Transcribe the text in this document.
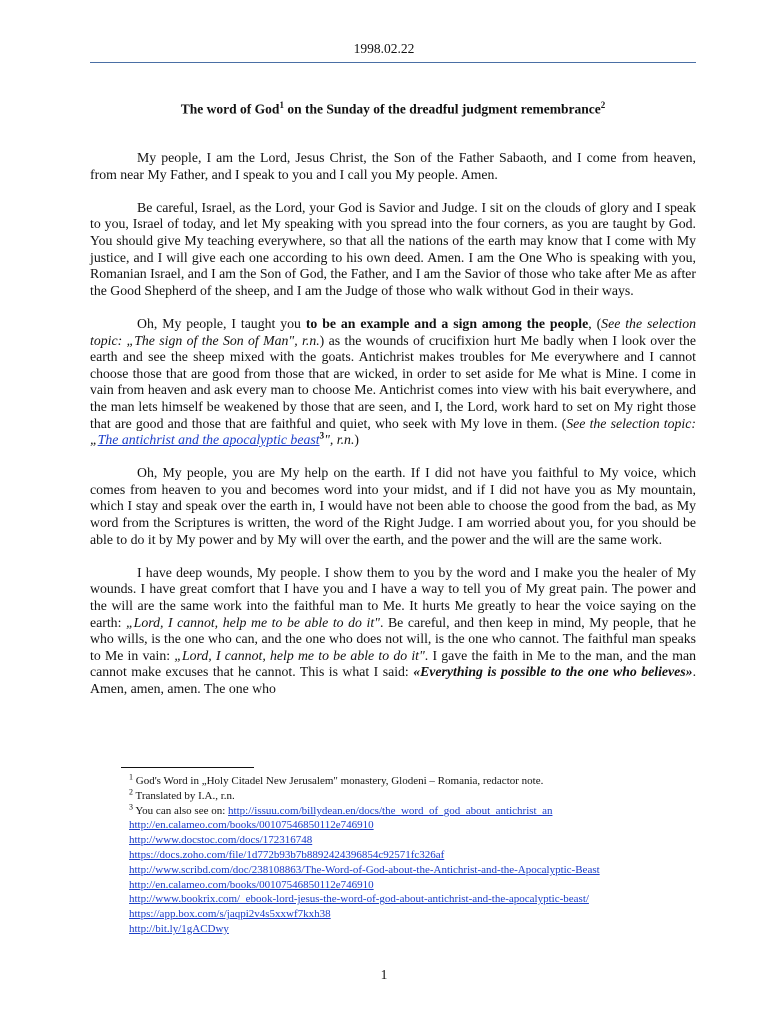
1998.02.22
The word of God$^1$ on the Sunday of the dreadful judgment remembrance$^2$

My people, I am the Lord, Jesus Christ, the Son of the Father Sabaoth, and I come from heaven, from near My Father, and I speak to you and I call you My people. Amen.

Be careful, Israel, as the Lord, your God is Savior and Judge. I sit on the clouds of glory and I speak to you, Israel of today, and let My speaking with you spread into the four corners, as you are taught by God. You should give My teaching everywhere, so that all the nations of the earth may know that I come with My justice, and I will give each one according to his own deed. Amen. I am the One Who is speaking with you, Romanian Israel, and I am the Son of God, the Father, and I am the Savior of those who take after Me as after the Good Shepherd of the sheep, and I am the Judge of those who walk without God in their ways.

Oh, My people, I taught you to be an example and a sign among the people, (See the selection topic: „The sign of the Son of Man", r.n.) as the wounds of crucifixion hurt Me badly when I look over the earth and see the sheep mixed with the goats. Antichrist makes troubles for Me everywhere and I cannot choose those that are good from those that are wicked, in order to set aside for Me what is Mine. I come in vain from heaven and ask every man to choose Me. Antichrist comes into view with his bait everywhere, and the man lets himself be weakened by those that are seen, and I, the Lord, work hard to set on My right those that are good and those that are faithful and quiet, who seek with My love in them. (See the selection topic: „The antichrist and the apocalyptic beast$^3$", r.n.)

Oh, My people, you are My help on the earth. If I did not have you faithful to My voice, which comes from heaven to you and becomes word into your midst, and if I did not have you as My mountain, which I stay and speak over the earth in, I would have not been able to choose the good from the bad, as My word from the Scriptures is written, the word of the Right Judge. I am worried about you, for you should be able to do it by My power and by My will over the earth, and the power and the will are the same work.

I have deep wounds, My people. I show them to you by the word and I make you the healer of My wounds. I have great comfort that I have you and I have a way to tell you of My great pain. The power and the will are the same work into the faithful man to Me. It hurts Me greatly to hear the voice saying on the earth: „Lord, I cannot, help me to be able to do it". Be careful, and then keep in mind, My people, that he who wills, is the one who can, and the one who does not will, is the one who cannot. The faithful man speaks to Me in vain: „Lord, I cannot, help me to be able to do it". I gave the faith in Me to the man, and the man cannot make excuses that he cannot. This is what I said: «Everything is possible to the one who believes». Amen, amen, amen. The one who

$^1$ God's Word in „Holy Citadel New Jerusalem" monastery, Glodeni – Romania, redactor note.
$^2$ Translated by I.A., r.n.
$^3$ You can also see on: http://issuu.com/billydean.en/docs/the_word_of_god_about_antichrist_an
http://en.calameo.com/books/00107546850112e746910
http://www.docstoc.com/docs/172316748
https://docs.zoho.com/file/1d772b93b7b8892424396854c92571fc326af
http://www.scribd.com/doc/238108863/The-Word-of-God-about-the-Antichrist-and-the-Apocalyptic-Beast
http://en.calameo.com/books/00107546850112e746910
http://www.bookrix.com/_ebook-lord-jesus-the-word-of-god-about-antichrist-and-the-apocalyptic-beast/
https://app.box.com/s/jaqpi2v4s5xxwf7kxh38
http://bit.ly/1gACDwy
1
